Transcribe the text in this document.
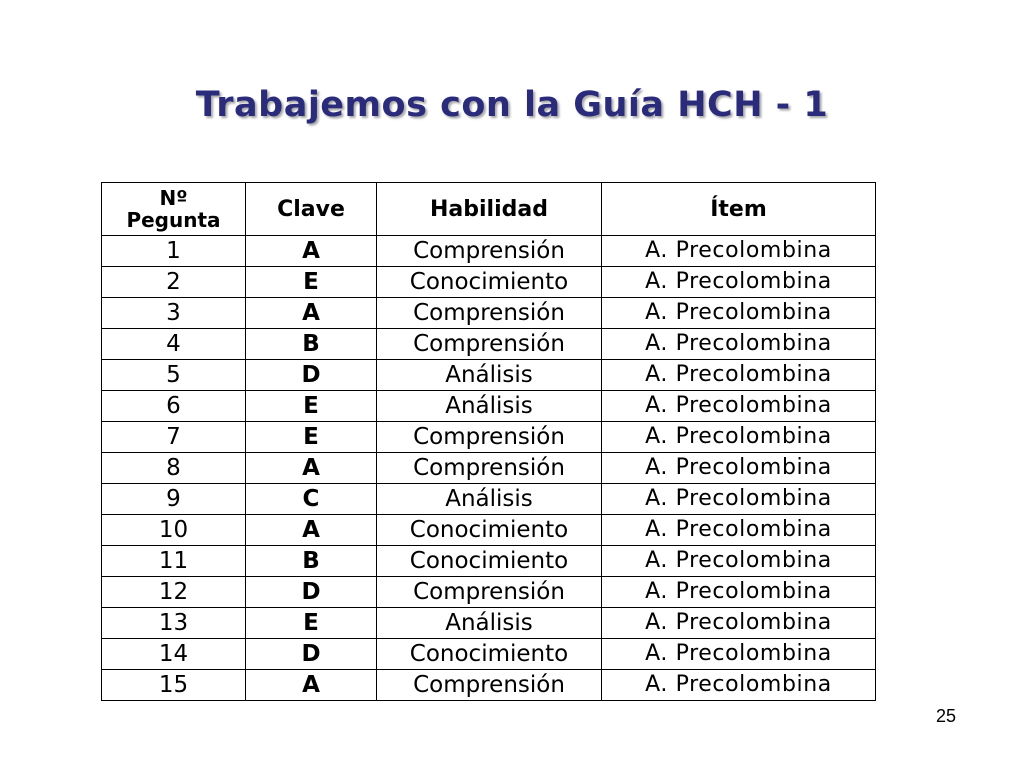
Trabajemos con la Guía HCH - 1
Nº
Pegunta	Clave	Habilidad	Ítem
1	A	Comprensión	A. Precolombina
2	E	Conocimiento	A. Precolombina
3	A	Comprensión	A. Precolombina
4	B	Comprensión	A. Precolombina
5	D	Análisis	A. Precolombina
6	E	Análisis	A. Precolombina
7	E	Comprensión	A. Precolombina
8	A	Comprensión	A. Precolombina
9	C	Análisis	A. Precolombina
10	A	Conocimiento	A. Precolombina
11	B	Conocimiento	A. Precolombina
12	D	Comprensión	A. Precolombina
13	E	Análisis	A. Precolombina
14	D	Conocimiento	A. Precolombina
15	A	Comprensión	A. Precolombina
25
